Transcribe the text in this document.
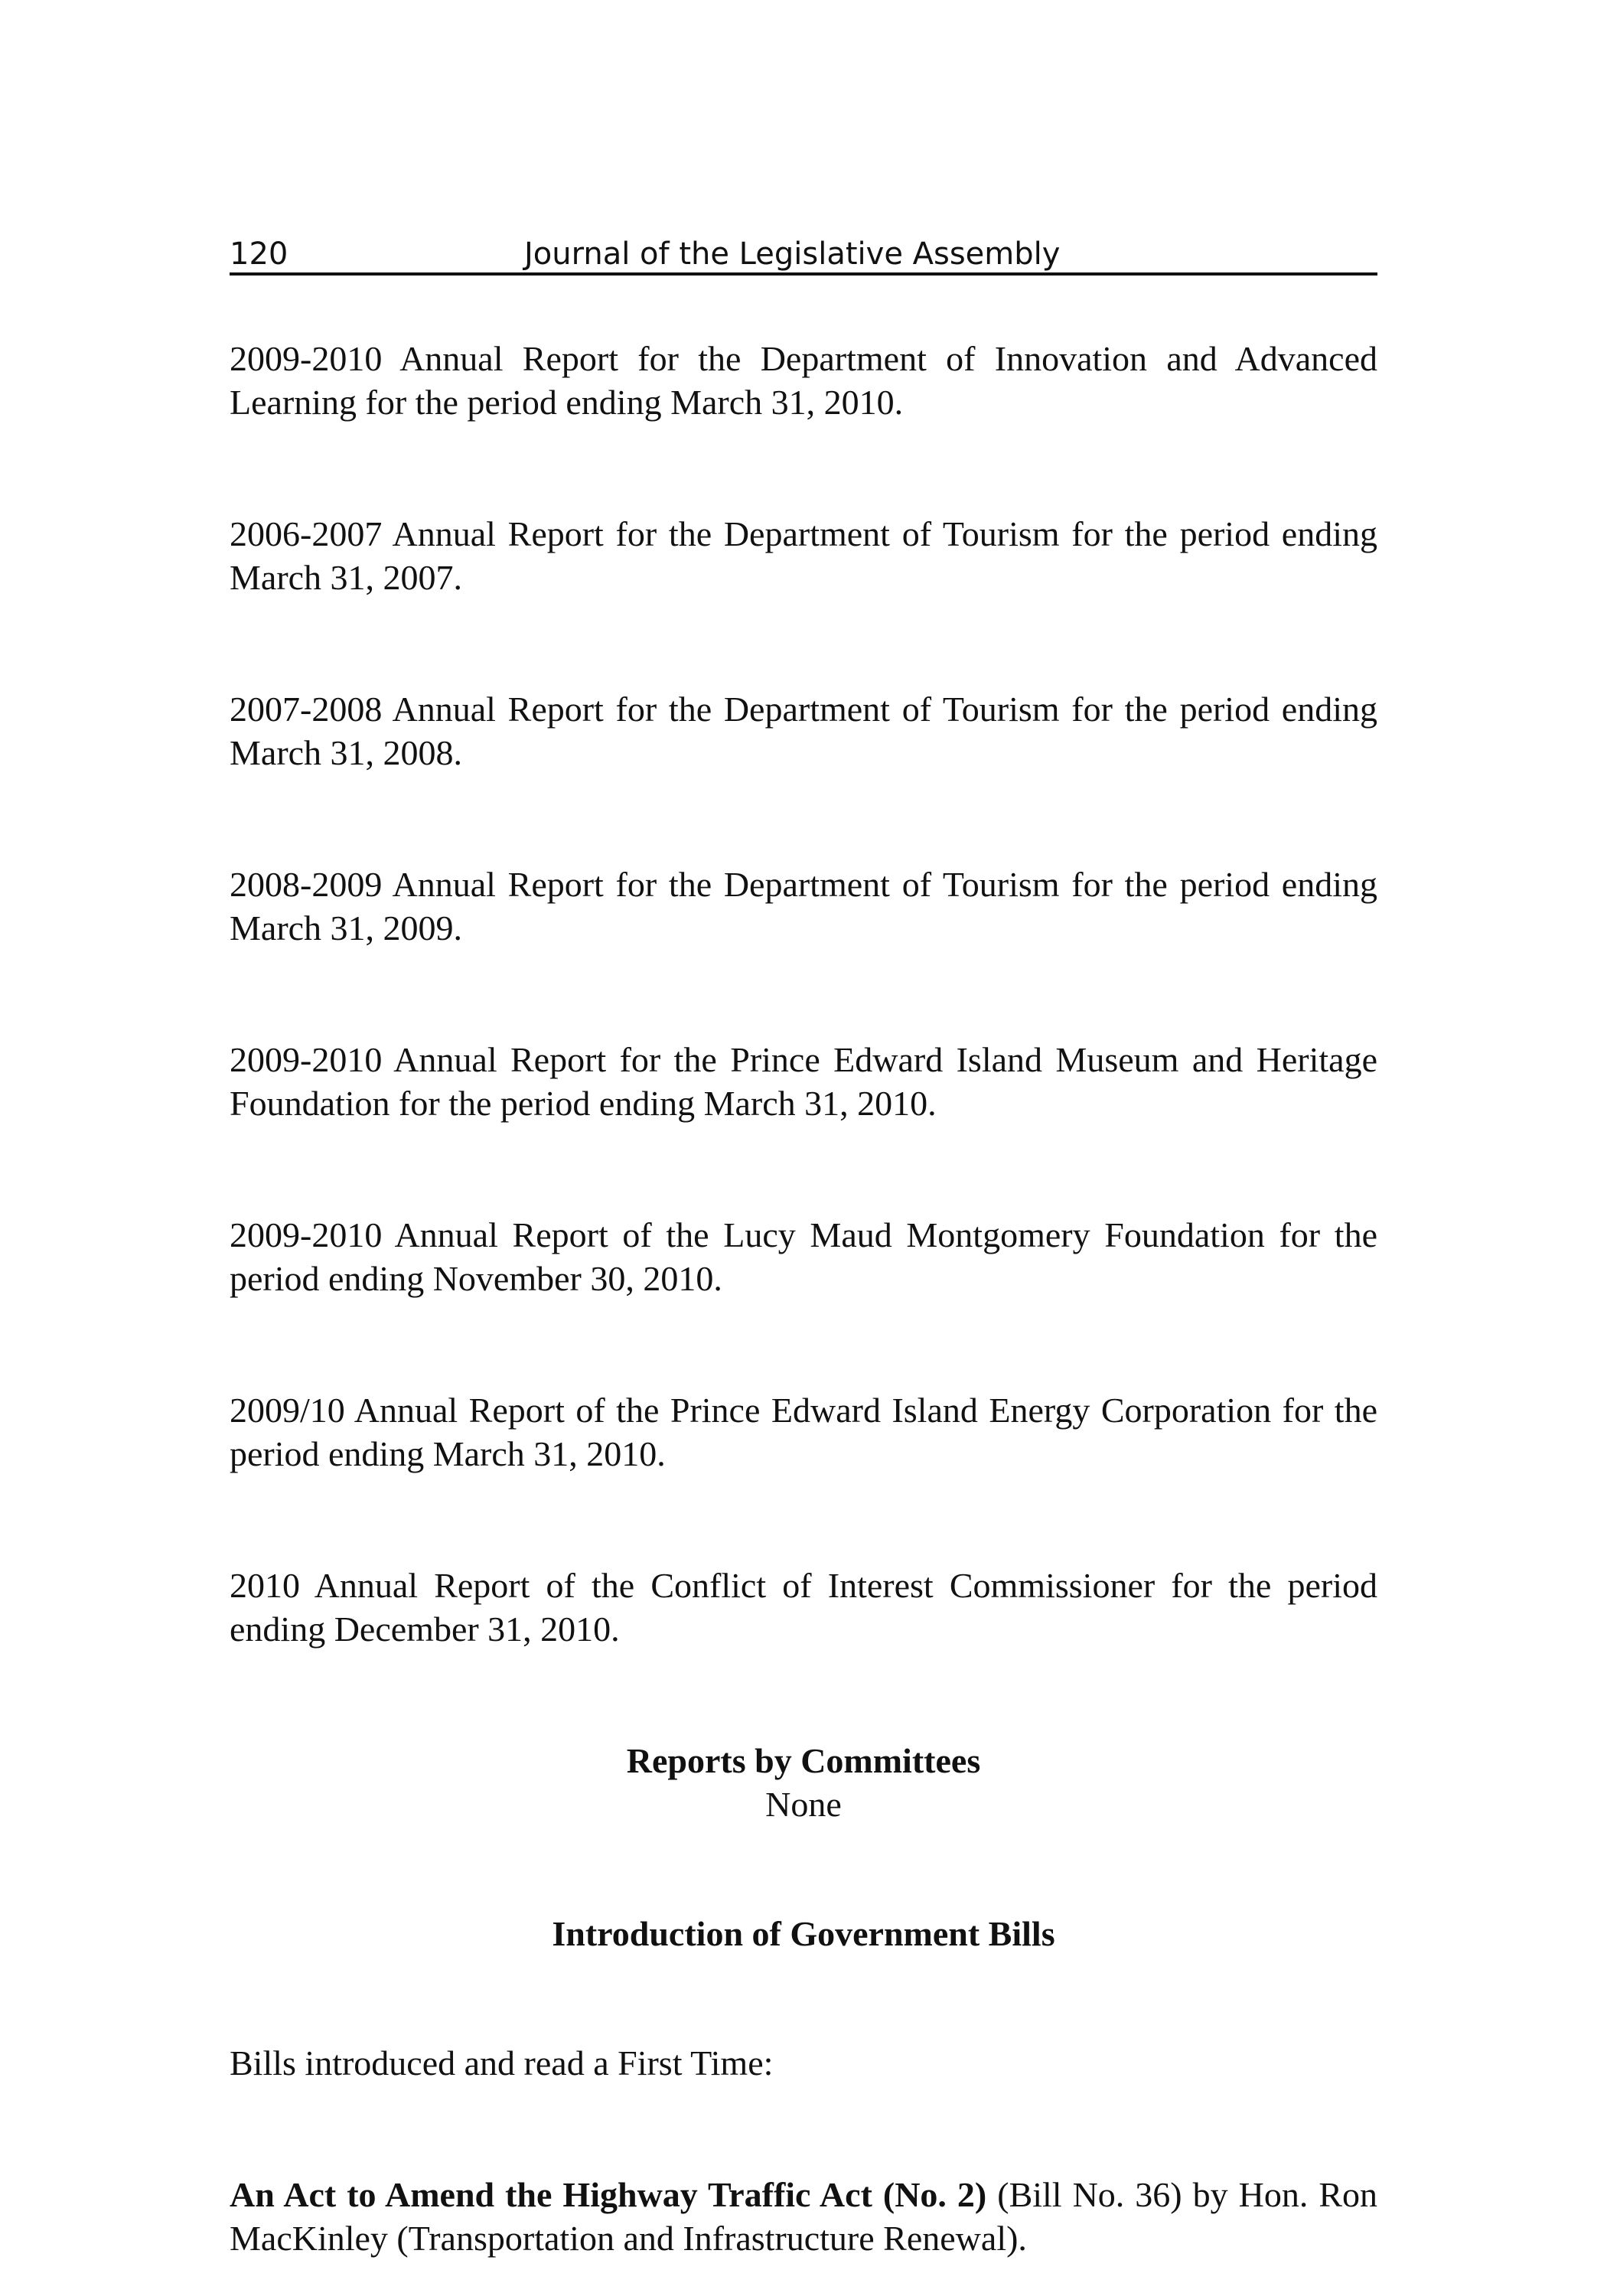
120	Journal of the Legislative Assembly

2009-2010 Annual Report for the Department of Innovation and Advanced Learning for the period ending March 31, 2010.

2006-2007 Annual Report for the Department of Tourism for the period ending March 31, 2007.

2007-2008 Annual Report for the Department of Tourism for the period ending March 31, 2008.

2008-2009 Annual Report for the Department of Tourism for the period ending March 31, 2009.

2009-2010 Annual Report for the Prince Edward Island Museum and Heritage Foundation for the period ending March 31, 2010.

2009-2010 Annual Report of the Lucy Maud Montgomery Foundation for the period ending November 30, 2010.

2009/10 Annual Report of the Prince Edward Island Energy Corporation for the period ending March 31, 2010.

2010 Annual Report of the Conflict of Interest Commissioner for the period ending December 31, 2010.

Reports by Committees

None

Introduction of Government Bills

Bills introduced and read a First Time:

An Act to Amend the Highway Traffic Act (No. 2) (Bill No. 36) by Hon. Ron MacKinley (Transportation and Infrastructure Renewal).
